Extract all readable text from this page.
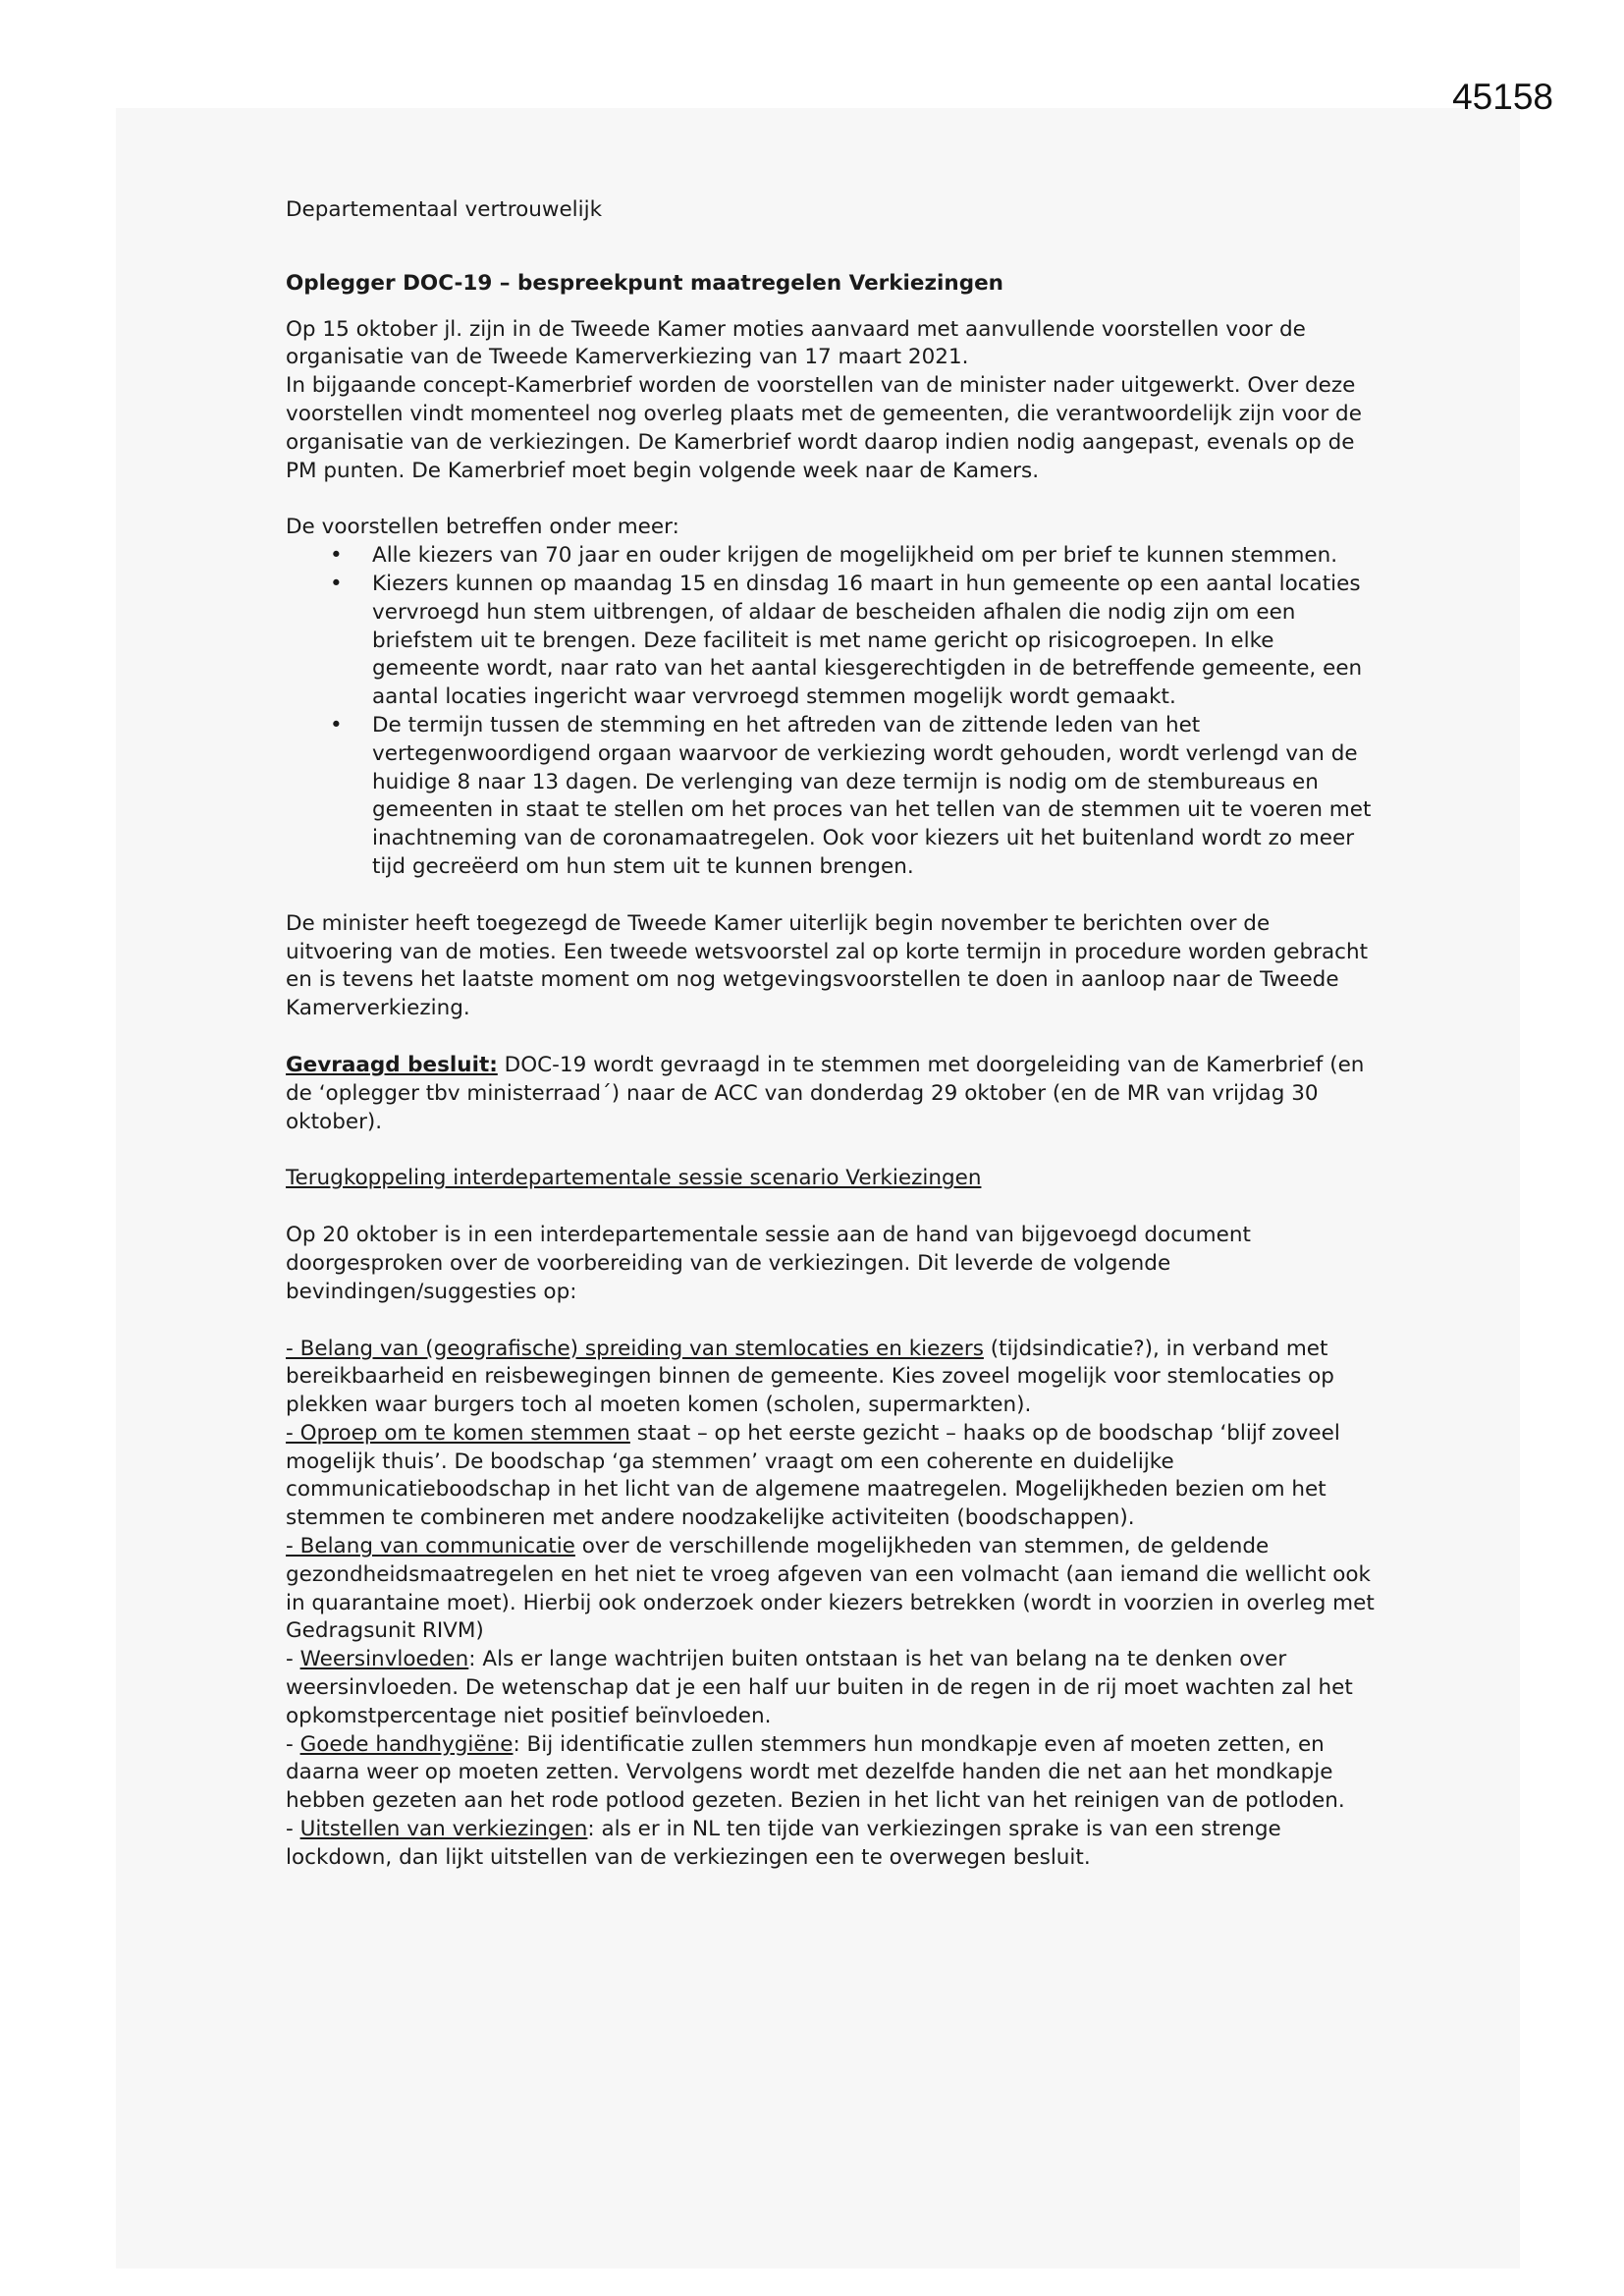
45158

Departementaal vertrouwelijk

Oplegger DOC-19 – bespreekpunt maatregelen Verkiezingen

Op 15 oktober jl. zijn in de Tweede Kamer moties aanvaard met aanvullende voorstellen voor de organisatie van de Tweede Kamerverkiezing van 17 maart 2021.

In bijgaande concept-Kamerbrief worden de voorstellen van de minister nader uitgewerkt. Over deze voorstellen vindt momenteel nog overleg plaats met de gemeenten, die verantwoordelijk zijn voor de organisatie van de verkiezingen. De Kamerbrief wordt daarop indien nodig aangepast, evenals op de PM punten. De Kamerbrief moet begin volgende week naar de Kamers.

De voorstellen betreffen onder meer:

• Alle kiezers van 70 jaar en ouder krijgen de mogelijkheid om per brief te kunnen stemmen.
• Kiezers kunnen op maandag 15 en dinsdag 16 maart in hun gemeente op een aantal locaties vervroegd hun stem uitbrengen, of aldaar de bescheiden afhalen die nodig zijn om een briefstem uit te brengen. Deze faciliteit is met name gericht op risicogroepen. In elke gemeente wordt, naar rato van het aantal kiesgerechtigden in de betreffende gemeente, een aantal locaties ingericht waar vervroegd stemmen mogelijk wordt gemaakt.
• De termijn tussen de stemming en het aftreden van de zittende leden van het vertegenwoordigend orgaan waarvoor de verkiezing wordt gehouden, wordt verlengd van de huidige 8 naar 13 dagen. De verlenging van deze termijn is nodig om de stembureaus en gemeenten in staat te stellen om het proces van het tellen van de stemmen uit te voeren met inachtneming van de coronamaatregelen. Ook voor kiezers uit het buitenland wordt zo meer tijd gecreëerd om hun stem uit te kunnen brengen.

De minister heeft toegezegd de Tweede Kamer uiterlijk begin november te berichten over de uitvoering van de moties. Een tweede wetsvoorstel zal op korte termijn in procedure worden gebracht en is tevens het laatste moment om nog wetgevingsvoorstellen te doen in aanloop naar de Tweede Kamerverkiezing.

Gevraagd besluit: DOC-19 wordt gevraagd in te stemmen met doorgeleiding van de Kamerbrief (en de ‘oplegger tbv ministerraad´) naar de ACC van donderdag 29 oktober (en de MR van vrijdag 30 oktober).

Terugkoppeling interdepartementale sessie scenario Verkiezingen

Op 20 oktober is in een interdepartementale sessie aan de hand van bijgevoegd document doorgesproken over de voorbereiding van de verkiezingen. Dit leverde de volgende bevindingen/suggesties op:

- Belang van (geografische) spreiding van stemlocaties en kiezers (tijdsindicatie?), in verband met bereikbaarheid en reisbewegingen binnen de gemeente. Kies zoveel mogelijk voor stemlocaties op plekken waar burgers toch al moeten komen (scholen, supermarkten).

- Oproep om te komen stemmen staat – op het eerste gezicht – haaks op de boodschap ‘blijf zoveel mogelijk thuis’. De boodschap ‘ga stemmen’ vraagt om een coherente en duidelijke communicatieboodschap in het licht van de algemene maatregelen. Mogelijkheden bezien om het stemmen te combineren met andere noodzakelijke activiteiten (boodschappen).

- Belang van communicatie over de verschillende mogelijkheden van stemmen, de geldende gezondheidsmaatregelen en het niet te vroeg afgeven van een volmacht (aan iemand die wellicht ook in quarantaine moet). Hierbij ook onderzoek onder kiezers betrekken (wordt in voorzien in overleg met Gedragsunit RIVM)

- Weersinvloeden: Als er lange wachtrijen buiten ontstaan is het van belang na te denken over weersinvloeden. De wetenschap dat je een half uur buiten in de regen in de rij moet wachten zal het opkomstpercentage niet positief beïnvloeden.

- Goede handhygiëne: Bij identificatie zullen stemmers hun mondkapje even af moeten zetten, en daarna weer op moeten zetten. Vervolgens wordt met dezelfde handen die net aan het mondkapje hebben gezeten aan het rode potlood gezeten. Bezien in het licht van het reinigen van de potloden.

- Uitstellen van verkiezingen: als er in NL ten tijde van verkiezingen sprake is van een strenge lockdown, dan lijkt uitstellen van de verkiezingen een te overwegen besluit.
